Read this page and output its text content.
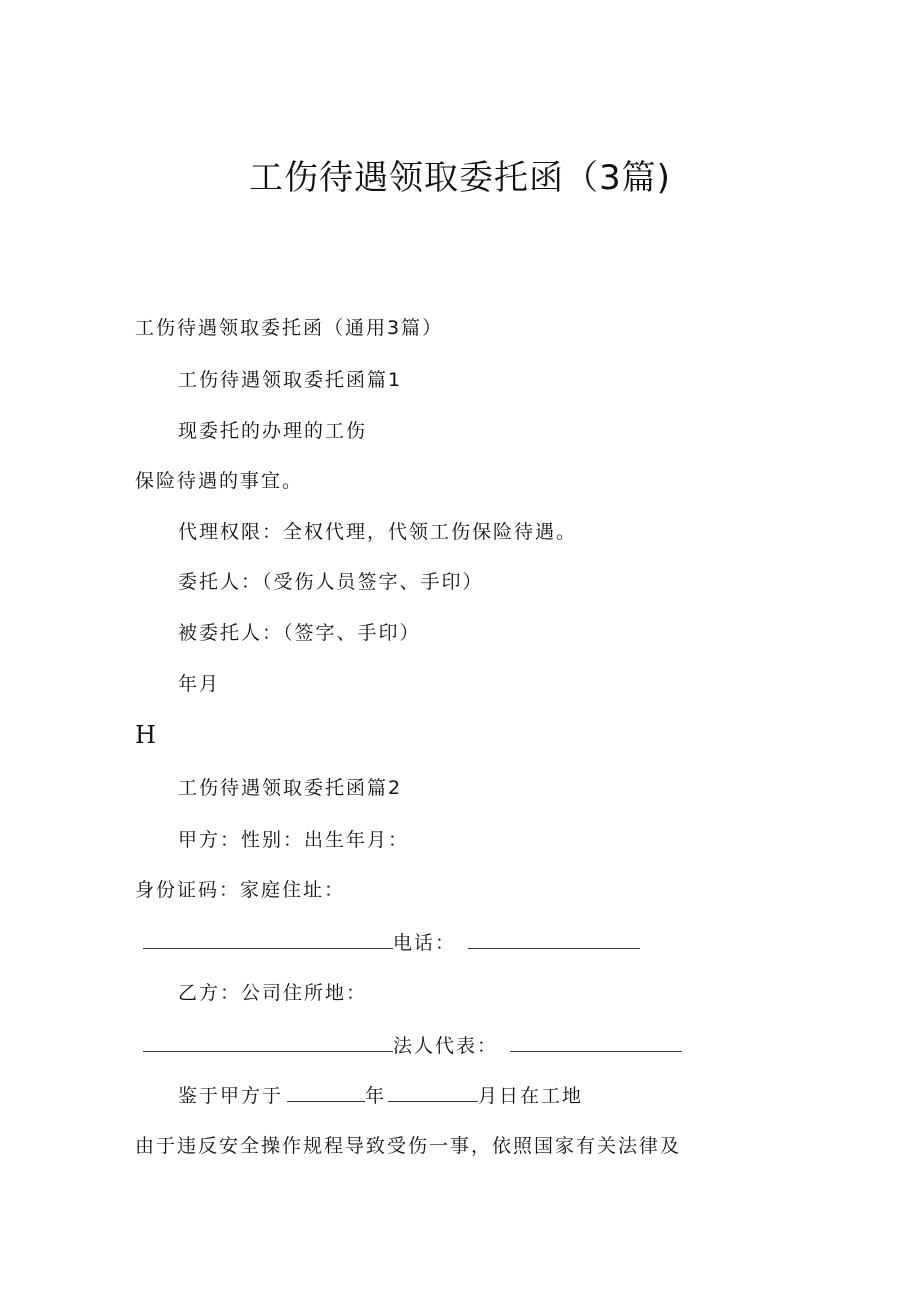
工伤待遇领取委托函（3篇)
工伤待遇领取委托函（通用3篇）
工伤待遇领取委托函篇1
现委托的办理的工伤
保险待遇的事宜。
代理权限：全权代理，代领工伤保险待遇。
委托人：（受伤人员签字、手印）
被委托人：（签字、手印）
年月
H
工伤待遇领取委托函篇2
甲方：性别：出生年月：
身份证码：家庭住址：
电话：
乙方：公司住所地：
法人代表：
鉴于甲方于	年	月日在工地
由于违反安全操作规程导致受伤一事，依照国家有关法律及
